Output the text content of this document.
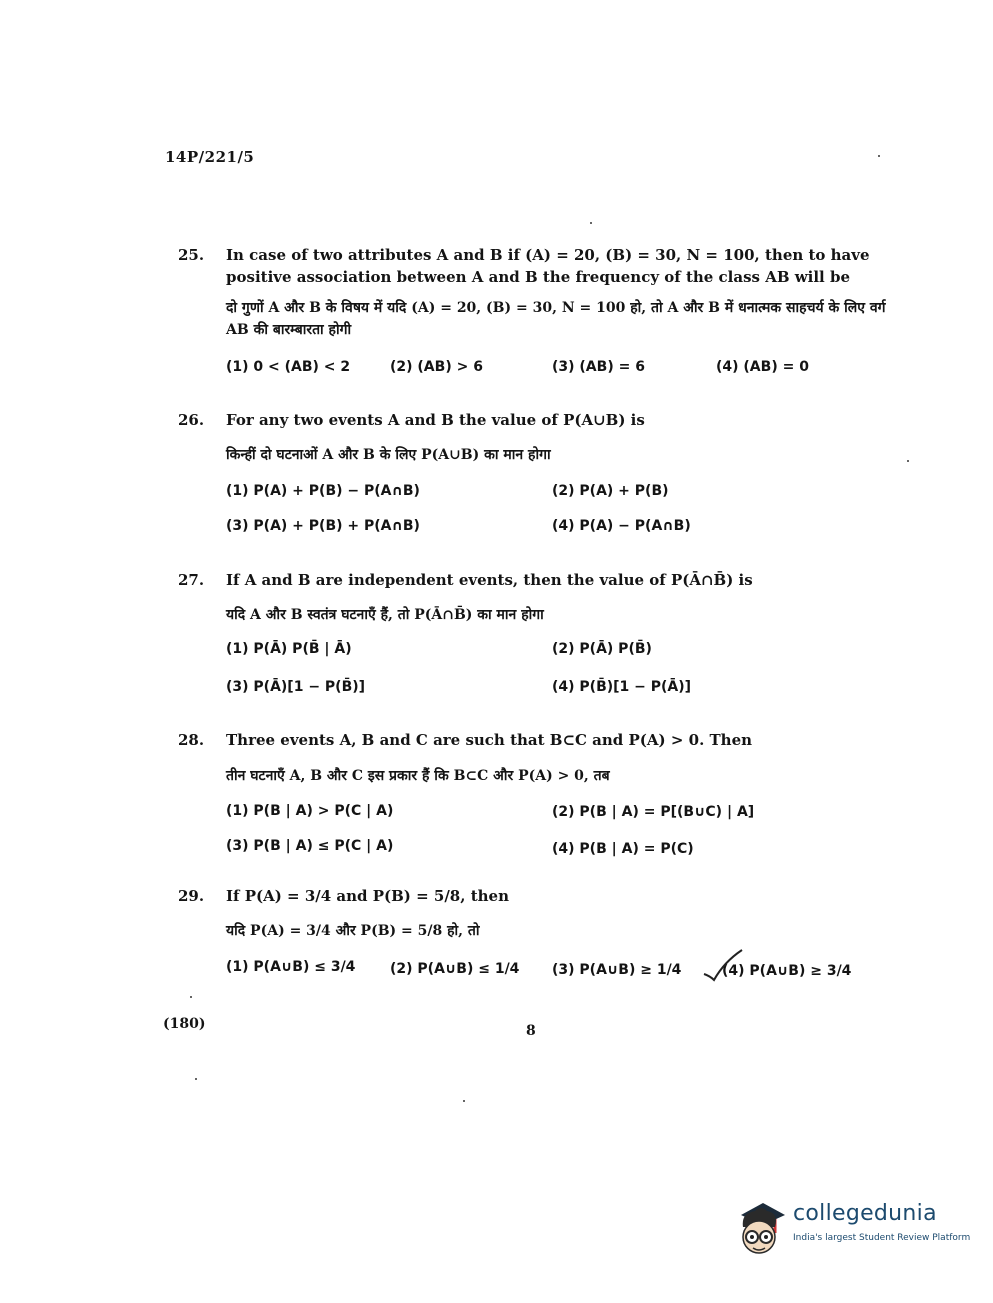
14P/221/5
25. In case of two attributes A and B if (A) = 20, (B) = 30, N = 100, then to have positive association between A and B the frequency of the class AB will be
दो गुणों A और B के विषय में यदि (A) = 20, (B) = 30, N = 100 हो, तो A और B में धनात्मक साहचर्य के लिए वर्ग AB की बारम्बारता होगी
(1) 0 < (AB) < 2	(2) (AB) > 6	(3) (AB) = 6	(4) (AB) = 0
26. For any two events A and B the value of P(A∪B) is
किन्हीं दो घटनाओं A और B के लिए P(A∪B) का मान होगा
(1) P(A) + P(B) − P(A∩B)	(2) P(A) + P(B)
(3) P(A) + P(B) + P(A∩B)	(4) P(A) − P(A∩B)
27. If A and B are independent events, then the value of P(Ā∩B̄) is
यदि A और B स्वतंत्र घटनाएँ हैं, तो P(Ā∩B̄) का मान होगा
(1) P(Ā) P(B̄ | Ā)	(2) P(Ā) P(B̄)
(3) P(Ā)[1 − P(B̄)]	(4) P(B̄)[1 − P(Ā)]
28. Three events A, B and C are such that B⊂C and P(A) > 0. Then
तीन घटनाएँ A, B और C इस प्रकार हैं कि B⊂C और P(A) > 0, तब
(1) P(B | A) > P(C | A)	(2) P(B | A) = P[(B∪C) | A]
(3) P(B | A) ≤ P(C | A)	(4) P(B | A) = P(C)
29. If P(A) = 3/4 and P(B) = 5/8, then
यदि P(A) = 3/4 और P(B) = 5/8 हो, तो
(1) P(A∪B) ≤ 3/4 (2) P(A∪B) ≤ 1/4 (3) P(A∪B) ≥ 1/4	(4) P(A∪B) ≥ 3/4
(180)	8
collegedunia
India's largest Student Review Platform
